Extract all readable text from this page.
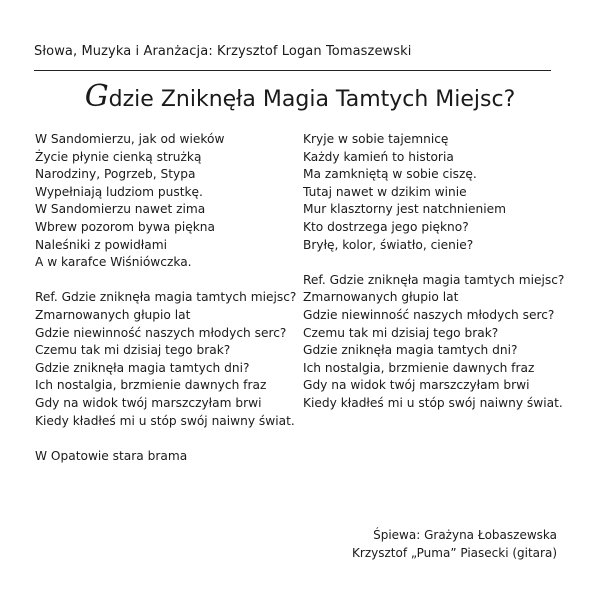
Słowa, Muzyka i Aranżacja: Krzysztof Logan Tomaszewski
Gdzie Zniknęła Magia Tamtych Miejsc?
W Sandomierzu, jak od wieków
Życie płynie cienką strużką
Narodziny, Pogrzeb, Stypa
Wypełniają ludziom pustkę.
W Sandomierzu nawet zima
Wbrew pozorom bywa piękna
Naleśniki z powidłami
A w karafce Wiśniówczka.
Ref. Gdzie zniknęła magia tamtych miejsc?
Zmarnowanych głupio lat
Gdzie niewinność naszych młodych serc?
Czemu tak mi dzisiaj tego brak?
Gdzie zniknęła magia tamtych dni?
Ich nostalgia, brzmienie dawnych fraz
Gdy na widok twój marszczyłam brwi
Kiedy kładłeś mi u stóp swój naiwny świat.
W Opatowie stara brama
Kryje w sobie tajemnicę
Każdy kamień to historia
Ma zamkniętą w sobie ciszę.
Tutaj nawet w dzikim winie
Mur klasztorny jest natchnieniem
Kto dostrzega jego piękno?
Bryłę, kolor, światło, cienie?
Ref. Gdzie zniknęła magia tamtych miejsc?
Zmarnowanych głupio lat
Gdzie niewinność naszych młodych serc?
Czemu tak mi dzisiaj tego brak?
Gdzie zniknęła magia tamtych dni?
Ich nostalgia, brzmienie dawnych fraz
Gdy na widok twój marszczyłam brwi
Kiedy kładłeś mi u stóp swój naiwny świat.
Śpiewa: Grażyna Łobaszewska
Krzysztof „Puma” Piasecki (gitara)
